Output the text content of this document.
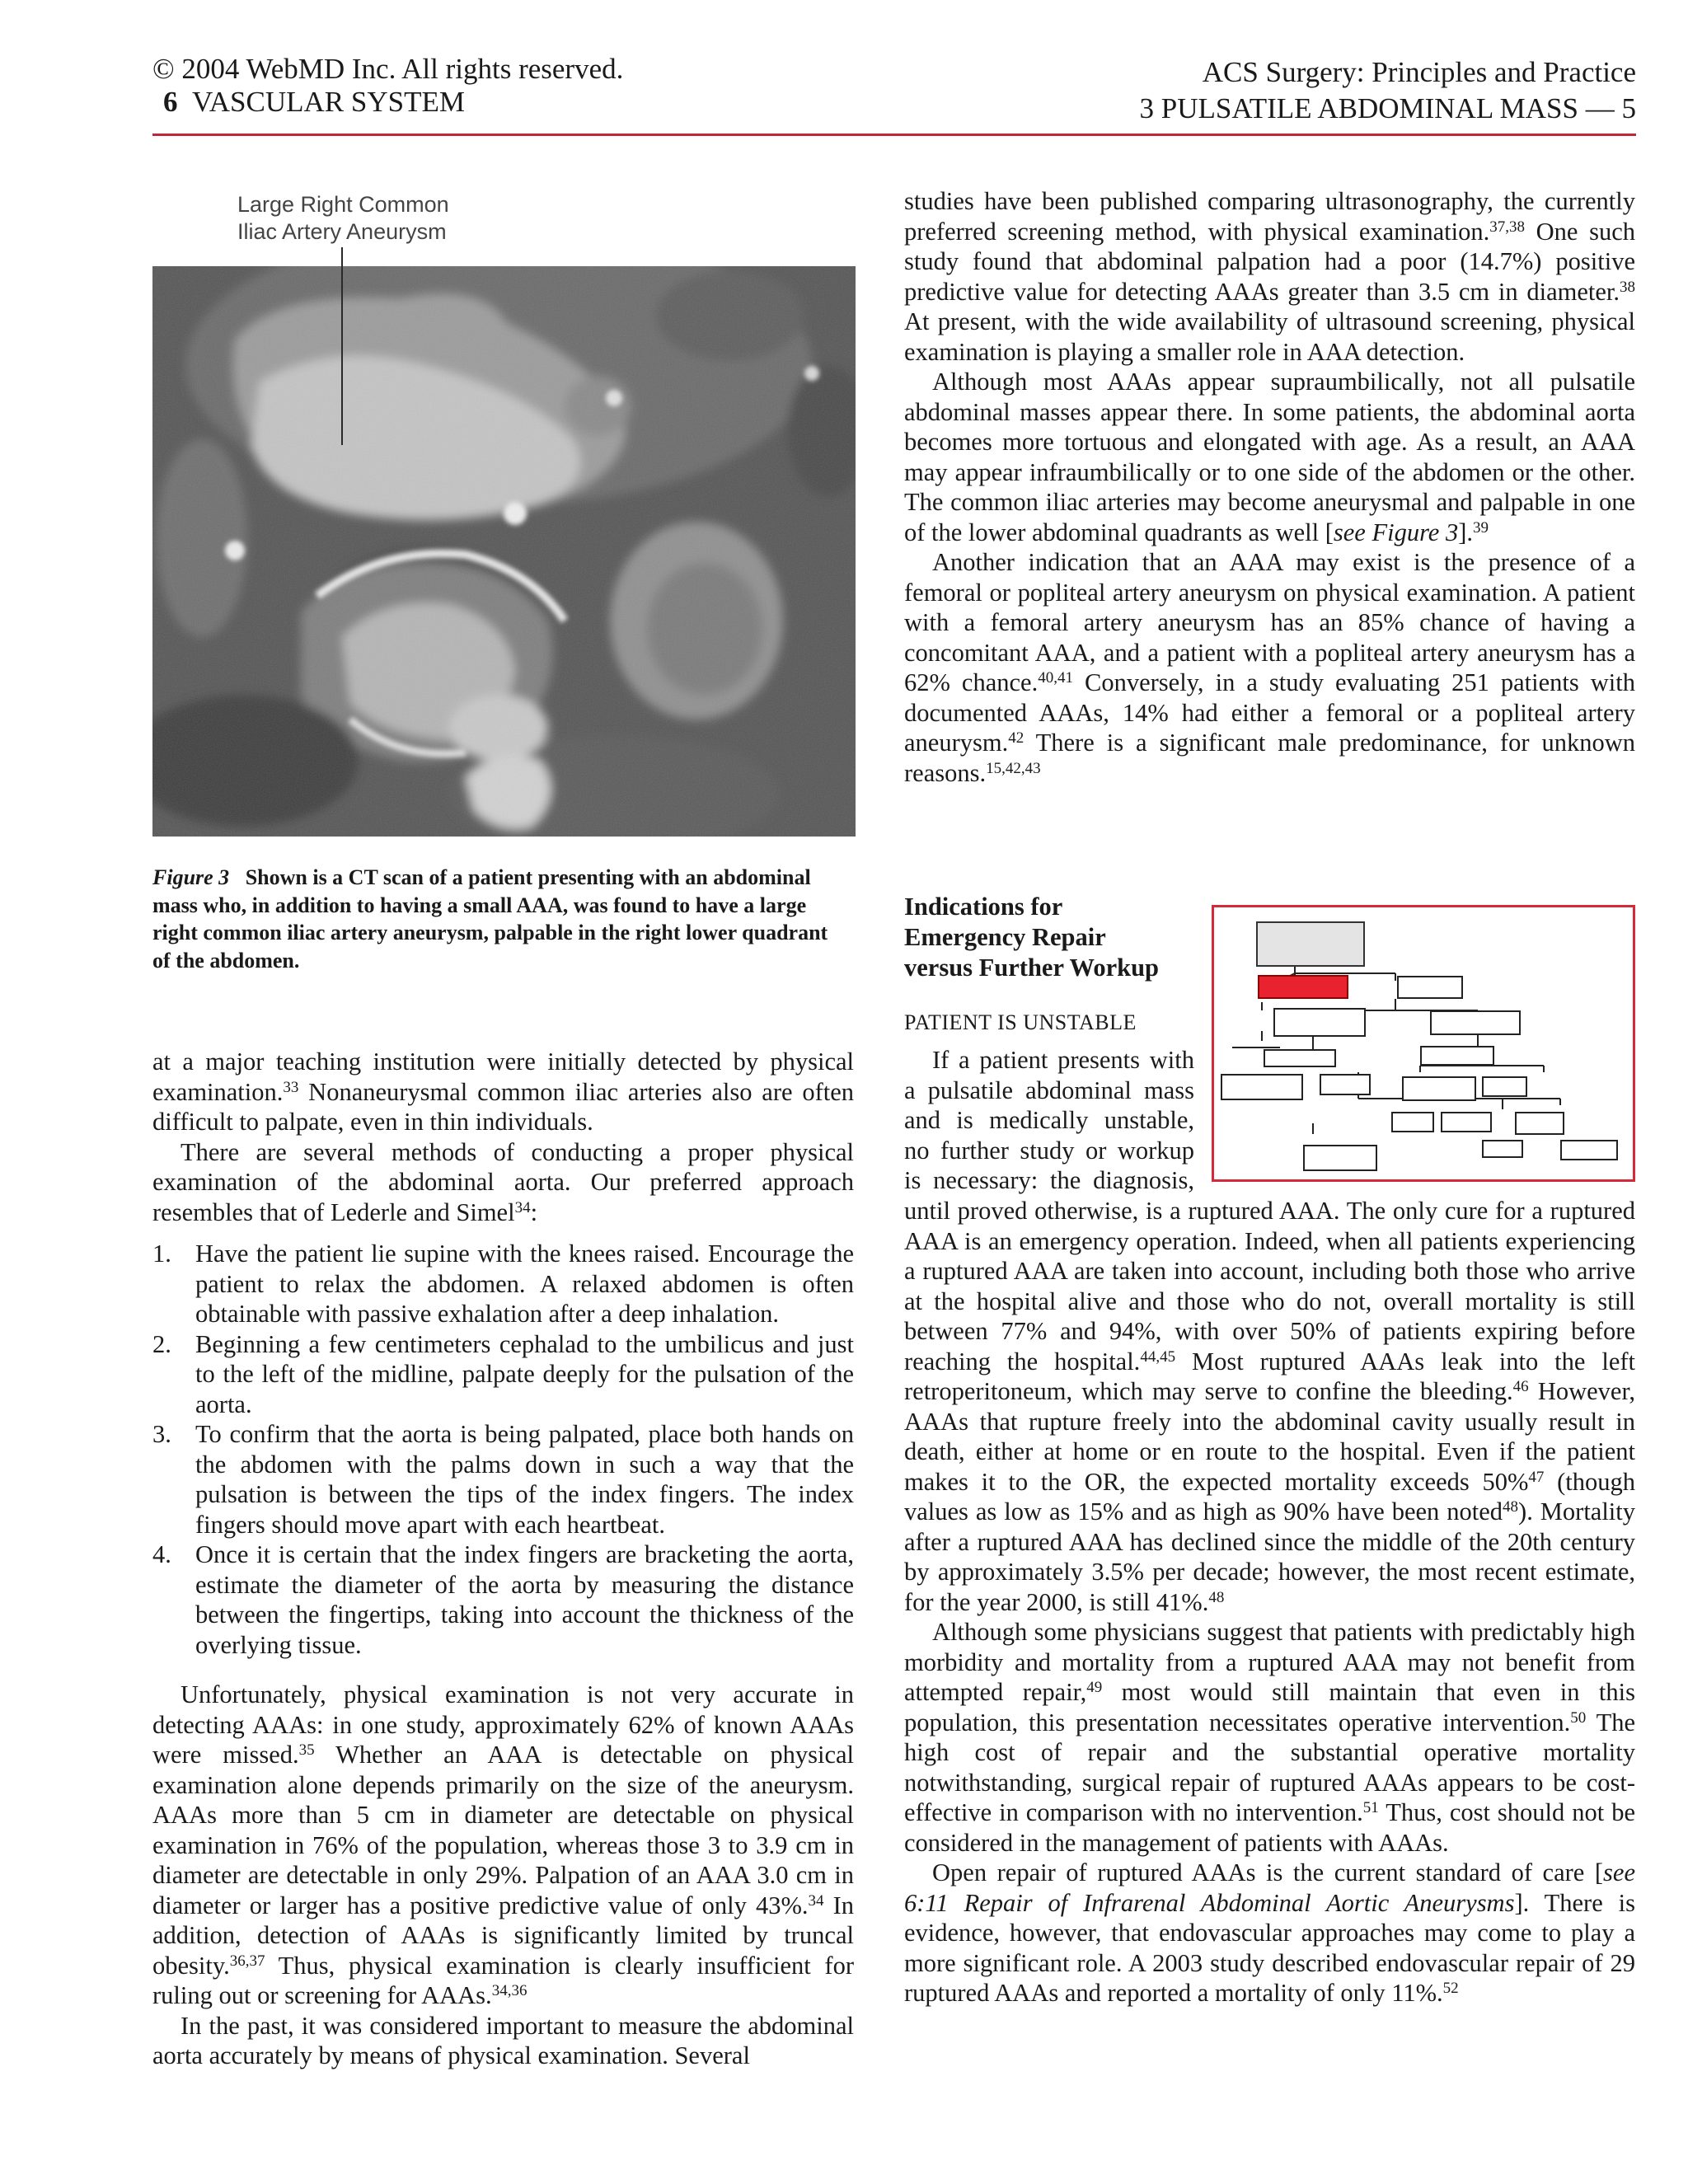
© 2004 WebMD Inc. All rights reserved.
6 VASCULAR SYSTEM
ACS Surgery: Principles and Practice
3 PULSATILE ABDOMINAL MASS — 5
Large Right Common
Iliac Artery Aneurysm
Figure 3 Shown is a CT scan of a patient presenting with an abdominal mass who, in addition to having a small AAA, was found to have a large right common iliac artery aneurysm, palpable in the right lower quadrant of the abdomen.

at a major teaching institution were initially detected by physical examination.$^{33}$ Nonaneurysmal common iliac arteries also are often difficult to palpate, even in thin individuals.

There are several methods of conducting a proper physical examination of the abdominal aorta. Our preferred approach resembles that of Lederle and Simel$^{34}$:

1. Have the patient lie supine with the knees raised. Encourage the patient to relax the abdomen. A relaxed abdomen is often obtainable with passive exhalation after a deep inhalation.
2. Beginning a few centimeters cephalad to the umbilicus and just to the left of the midline, palpate deeply for the pulsation of the aorta.
3. To confirm that the aorta is being palpated, place both hands on the abdomen with the palms down in such a way that the pulsation is between the tips of the index fingers. The index fingers should move apart with each heartbeat.
4. Once it is certain that the index fingers are bracketing the aorta, estimate the diameter of the aorta by measuring the distance between the fingertips, taking into account the thickness of the overlying tissue.

Unfortunately, physical examination is not very accurate in detecting AAAs: in one study, approximately 62% of known AAAs were missed.$^{35}$ Whether an AAA is detectable on physical examination alone depends primarily on the size of the aneurysm. AAAs more than 5 cm in diameter are detectable on physical examination in 76% of the population, whereas those 3 to 3.9 cm in diameter are detectable in only 29%. Palpation of an AAA 3.0 cm in diameter or larger has a positive predictive value of only 43%.$^{34}$ In addition, detection of AAAs is significantly limited by truncal obesity.$^{36,37}$ Thus, physical examination is clearly insufficient for ruling out or screening for AAAs.$^{34,36}$

In the past, it was considered important to measure the abdominal aorta accurately by means of physical examination. Several

studies have been published comparing ultrasonography, the currently preferred screening method, with physical examination.$^{37,38}$ One such study found that abdominal palpation had a poor (14.7%) positive predictive value for detecting AAAs greater than 3.5 cm in diameter.$^{38}$ At present, with the wide availability of ultrasound screening, physical examination is playing a smaller role in AAA detection.

Although most AAAs appear supraumbilically, not all pulsatile abdominal masses appear there. In some patients, the abdominal aorta becomes more tortuous and elongated with age. As a result, an AAA may appear infraumbilically or to one side of the abdomen or the other. The common iliac arteries may become aneurysmal and palpable in one of the lower abdominal quadrants as well [see Figure 3].$^{39}$

Another indication that an AAA may exist is the presence of a femoral or popliteal artery aneurysm on physical examination. A patient with a femoral artery aneurysm has an 85% chance of having a concomitant AAA, and a patient with a popliteal artery aneurysm has a 62% chance.$^{40,41}$ Conversely, in a study evaluating 251 patients with documented AAAs, 14% had either a femoral or a popliteal artery aneurysm.$^{42}$ There is a significant male predominance, for unknown reasons.$^{15,42,43}$

Indications for
Emergency Repair
versus Further Workup
PATIENT IS UNSTABLE
If a patient presents with
a pulsatile abdominal mass
and is medically unstable,
no further study or workup
is necessary: the diagnosis,

until proved otherwise, is a ruptured AAA. The only cure for a ruptured AAA is an emergency operation. Indeed, when all patients experiencing a ruptured AAA are taken into account, including both those who arrive at the hospital alive and those who do not, overall mortality is still between 77% and 94%, with over 50% of patients expiring before reaching the hospital.$^{44,45}$ Most ruptured AAAs leak into the left retroperitoneum, which may serve to confine the bleeding.$^{46}$ However, AAAs that rupture freely into the abdominal cavity usually result in death, either at home or en route to the hospital. Even if the patient makes it to the OR, the expected mortality exceeds 50%$^{47}$ (though values as low as 15% and as high as 90% have been noted$^{48}$). Mortality after a ruptured AAA has declined since the middle of the 20th century by approximately 3.5% per decade; however, the most recent estimate, for the year 2000, is still 41%.$^{48}$

Although some physicians suggest that patients with predictably high morbidity and mortality from a ruptured AAA may not benefit from attempted repair,$^{49}$ most would still maintain that even in this population, this presentation necessitates operative intervention.$^{50}$ The high cost of repair and the substantial operative mortality notwithstanding, surgical repair of ruptured AAAs appears to be cost-effective in comparison with no intervention.$^{51}$ Thus, cost should not be considered in the management of patients with AAAs.

Open repair of ruptured AAAs is the current standard of care [see 6:11 Repair of Infrarenal Abdominal Aortic Aneurysms]. There is evidence, however, that endovascular approaches may come to play a more significant role. A 2003 study described endovascular repair of 29 ruptured AAAs and reported a mortality of only 11%.$^{52}$
